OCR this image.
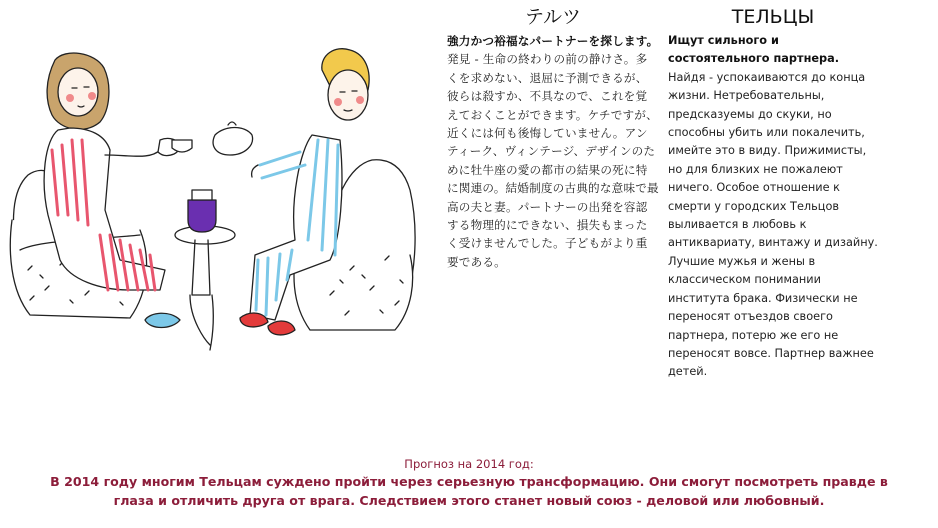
テルツ
強力かつ裕福なパートナーを探します。発見 - 生命の終わりの前の静けさ。多くを求めない、退屈に予測できるが、彼らは殺すか、不具なので、これを覚えておくことができます。ケチですが、近くには何も後悔していません。アンティーク、ヴィンテージ、デザインのために牡牛座の愛の都市の結果の死に特に関連の。結婚制度の古典的な意味で最高の夫と妻。パートナーの出発を容認する物理的にできない、損失もまったく受けませんでした。子どもがより重要である。
ТЕЛЬЦЫ
Ищут сильного и состоятельного партнера. Найдя - успокаиваются до конца жизни. Нетребовательны, предсказуемы до скуки, но способны убить или покалечить, имейте это в виду. Прижимисты, но для близких не пожалеют ничего. Особое отношение к смерти у городских Тельцов выливается в любовь к антиквариату, винтажу и дизайну. Лучшие мужья и жены в классическом понимании института брака. Физически не переносят отъездов своего партнера, потерю же его не переносят вовсе. Партнер важнее детей.
Прогноз на 2014 год:
В 2014 году многим Тельцам суждено пройти через серьезную трансформацию. Они смогут посмотреть правде в глаза и отличить друга от врага. Следствием этого станет новый союз - деловой или любовный.
